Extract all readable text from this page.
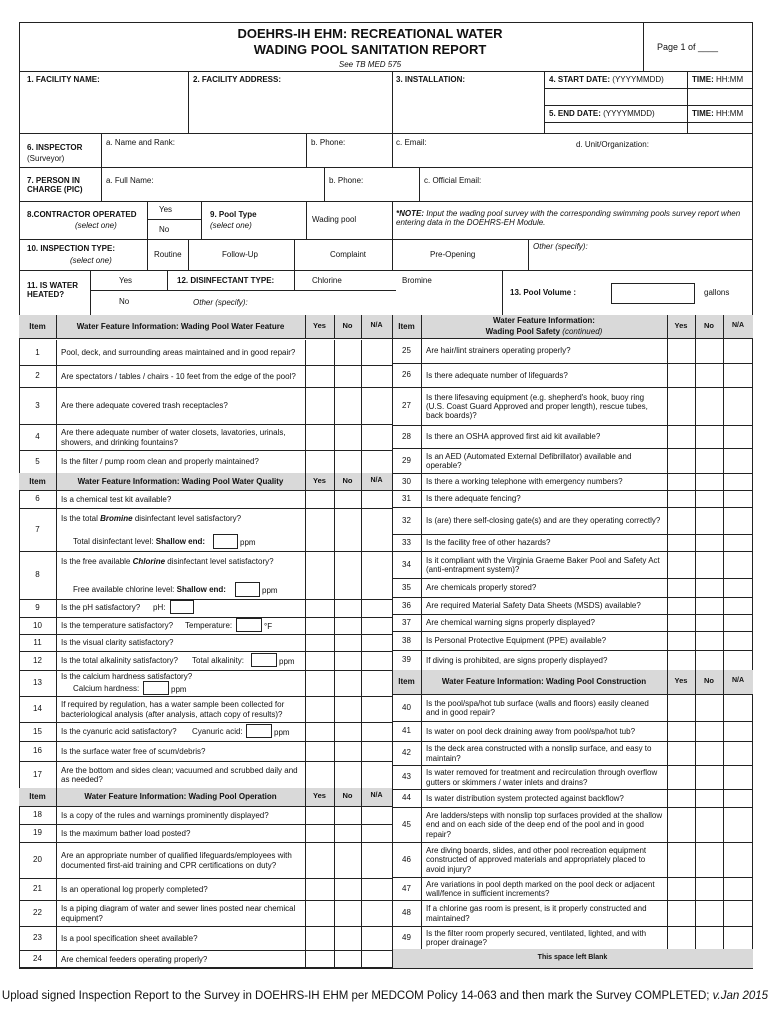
DOEHRS-IH EHM: RECREATIONAL WATER
WADING POOL SANITATION REPORT
See TB MED 575
Page 1 of ____
1. FACILITY NAME:	2. FACILITY ADDRESS:	3. INSTALLATION:	4. START DATE: (YYYYMMDD)	TIME: HH:MM
5. END DATE: (YYYYMMDD)	TIME: HH:MM
6. INSPECTOR
(Surveyor)
a. Name and Rank:	b. Phone:	c. Email:	d. Unit/Organization:
7. PERSON IN CHARGE (PIC)
a. Full Name:	b. Phone:	c. Official Email:
8.CONTRACTOR OPERATED
(select one)
Yes
No
9. Pool Type
(select one)
Wading pool
*NOTE: Input the wading pool survey with the corresponding swimming pools survey report when entering data in the DOEHRS-EH Module.
10. INSPECTION TYPE:
(select one)
Routine	Follow-Up	Complaint	Pre-Opening
Other (specify):
11. IS WATER HEATED?
Yes
No
12. DISINFECTANT TYPE:	Chlorine	Bromine
Other (specify):
13. Pool Volume :	gallons
Upload signed Inspection Report to the Survey in DOEHRS-IH EHM per MEDCOM Policy 14-063 and then mark the Survey COMPLETED; v.Jan 2015
Item	Yes	No	N/A
Water Feature Information: Wading Pool Water Feature
1	Pool, deck, and surrounding areas maintained and in good repair?
2	Are spectators / tables / chairs - 10 feet from the edge of the pool?
3	Are there adequate covered trash receptacles?
4	Are there adequate number of water closets, lavatories, urinals, showers, and drinking fountains?
5	Is the filter / pump room clean and properly maintained?
Item	Yes	No	N/A
Water Feature Information: Wading Pool Water Quality
6	Is a chemical test kit available?
7
Is the total Bromine disinfectant level satisfactory?
Total disinfectant level: Shallow end:	ppm
8
Is the free available Chlorine disinfectant level satisfactory?
Free available chlorine level: Shallow end:	ppm
9	Is the pH satisfactory? pH:
10	Is the temperature satisfactory? Temperature:	°F
11	Is the visual clarity satisfactory?
12	Is the total alkalinity satisfactory? Total alkalinity:	ppm
13
Is the calcium hardness satisfactory?
Calcium hardness:	ppm
14	If required by regulation, has a water sample been collected for bacteriological analysis (after analysis, attach copy of results)?
15	Is the cyanuric acid satisfactory? Cyanuric acid:	ppm
16	Is the surface water free of scum/debris?
17	Are the bottom and sides clean; vacuumed and scrubbed daily and as needed?
Item	Yes	No	N/A
Water Feature Information: Wading Pool Operation
18	Is a copy of the rules and warnings prominently displayed?
19	Is the maximum bather load posted?
20	Are an appropriate number of qualified lifeguards/employees with documented first-aid training and CPR certifications on duty?
21	Is an operational log properly completed?
22	Is a piping diagram of water and sewer lines posted near chemical equipment?
23	Is a pool specification sheet available?
24	Are chemical feeders operating properly?
Item	Yes	No	N/A
Water Feature Information:
Wading Pool Safety (continued)
25	Are hair/lint strainers operating properly?
26	Is there adequate number of lifeguards?
27
Is there lifesaving equipment (e.g. shepherd's hook, buoy ring (U.S. Coast Guard Approved and proper length), rescue tubes, back boards)?
28	Is there an OSHA approved first aid kit available?
29	Is an AED (Automated External Defibrillator) available and operable?
30	Is there a working telephone with emergency numbers?
31	Is there adequate fencing?
32	Is (are) there self-closing gate(s) and are they operating correctly?
33	Is the facility free of other hazards?
34	Is it compliant with the Virginia Graeme Baker Pool and Safety Act (anti-entrapment system)?
35	Are chemicals properly stored?
36	Are required Material Safety Data Sheets (MSDS) available?
37	Are chemical warning signs properly displayed?
38	Is Personal Protective Equipment (PPE) available?
39	If diving is prohibited, are signs properly displayed?
Item	Yes	No	N/A
Water Feature Information: Wading Pool Construction
40	Is the pool/spa/hot tub surface (walls and floors) easily cleaned and in good repair?
41	Is water on pool deck draining away from pool/spa/hot tub?
42	Is the deck area constructed with a nonslip surface, and easy to maintain?
43	Is water removed for treatment and recirculation through overflow gutters or skimmers / water inlets and drains?
44	Is water distribution system protected against backflow?
45
Are ladders/steps with nonslip top surfaces provided at the shallow end and on each side of the deep end of the pool and in good repair?
46
Are diving boards, slides, and other pool recreation equipment constructed of approved materials and appropriately placed to avoid injury?
47	Are variations in pool depth marked on the pool deck or adjacent wall/fence in sufficient increments?
48	If a chlorine gas room is present, is it properly constructed and maintained?
49	Is the filter room properly secured, ventilated, lighted, and with proper drainage?
This space left Blank
